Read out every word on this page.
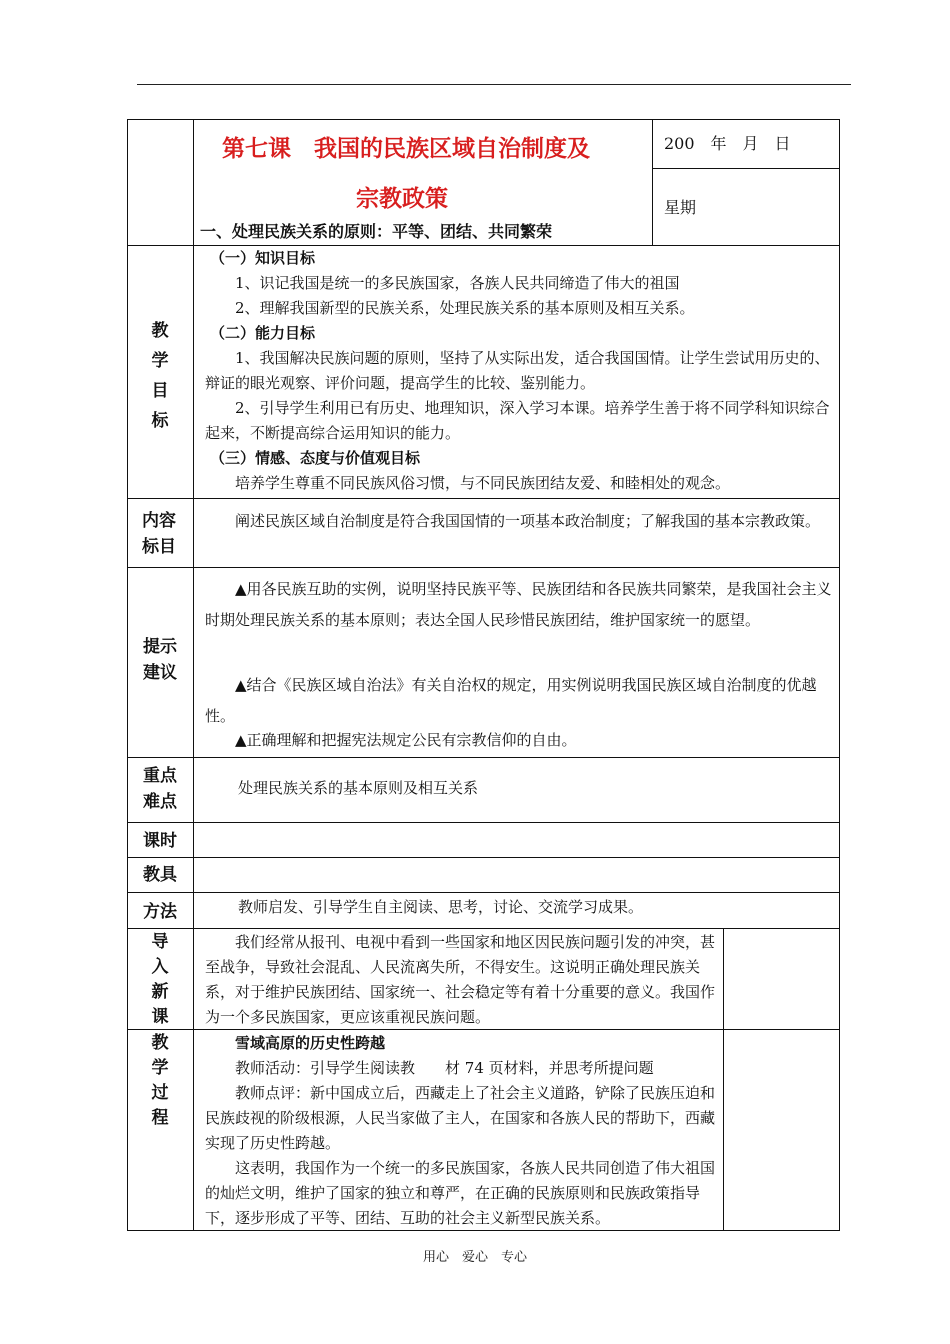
第七课　我国的民族区域自治制度及
宗教政策
一、处理民族关系的原则：平等、团结、共同繁荣
200　年　月　日
星期
教
学
目
标
（一）知识目标
1、识记我国是统一的多民族国家，各族人民共同缔造了伟大的祖国
2、理解我国新型的民族关系，处理民族关系的基本原则及相互关系。
（二）能力目标
1、我国解决民族问题的原则，坚持了从实际出发，适合我国国情。让学生尝试用历史的、辩证的眼光观察、评价问题，提高学生的比较、鉴别能力。
2、引导学生利用已有历史、地理知识，深入学习本课。培养学生善于将不同学科知识综合起来，不断提高综合运用知识的能力。
（三）情感、态度与价值观目标
培养学生尊重不同民族风俗习惯，与不同民族团结友爱、和睦相处的观念。
内容
标目
阐述民族区域自治制度是符合我国国情的一项基本政治制度；了解我国的基本宗教政策。
提示
建议
▲用各民族互助的实例，说明坚持民族平等、民族团结和各民族共同繁荣，是我国社会主义时期处理民族关系的基本原则；表达全国人民珍惜民族团结，维护国家统一的愿望。
▲结合《民族区域自治法》有关自治权的规定，用实例说明我国民族区域自治制度的优越性。
▲正确理解和把握宪法规定公民有宗教信仰的自由。
重点
难点
处理民族关系的基本原则及相互关系
课时
教具
方法	教师启发、引导学生自主阅读、思考，讨论、交流学习成果。
导
入
新
课
我们经常从报刊、电视中看到一些国家和地区因民族问题引发的冲突，甚至战争，导致社会混乱、人民流离失所，不得安生。这说明正确处理民族关系，对于维护民族团结、国家统一、社会稳定等有着十分重要的意义。我国作为一个多民族国家，更应该重视民族问题。
教
学
过
程
雪域高原的历史性跨越
教师活动：引导学生阅读教　　材 74 页材料，并思考所提问题
教师点评：新中国成立后，西藏走上了社会主义道路，铲除了民族压迫和民族歧视的阶级根源，人民当家做了主人，在国家和各族人民的帮助下，西藏实现了历史性跨越。
这表明，我国作为一个统一的多民族国家，各族人民共同创造了伟大祖国的灿烂文明，维护了国家的独立和尊严，在正确的民族原则和民族政策指导下，逐步形成了平等、团结、互助的社会主义新型民族关系。
用心　爱心　专心
